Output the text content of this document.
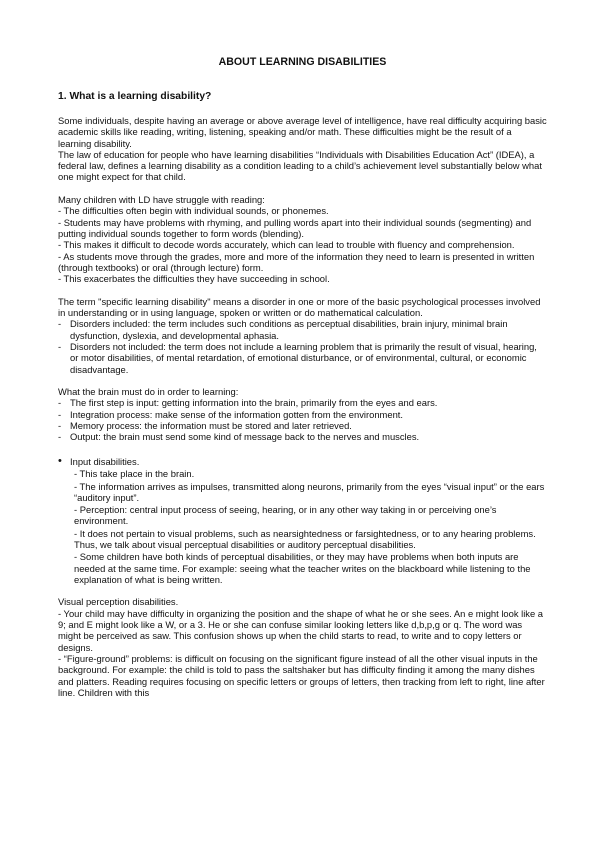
ABOUT LEARNING DISABILITIES
1. What is a learning disability?

Some individuals, despite having an average or above average level of intelligence, have real difficulty acquiring basic academic skills like reading, writing, listening, speaking and/or math. These difficulties might be the result of a learning disability.

The law of education for people who have learning disabilities “Individuals with Disabilities Education Act” (IDEA), a federal law, defines a learning disability as a condition leading to a child’s achievement level substantially below what one might expect for that child.

Many children with LD have struggle with reading:

- The difficulties often begin with individual sounds, or phonemes.

- Students may have problems with rhyming, and pulling words apart into their individual sounds (segmenting) and putting individual sounds together to form words (blending).

- This makes it difficult to decode words accurately, which can lead to trouble with fluency and comprehension.

- As students move through the grades, more and more of the information they need to learn is presented in written (through textbooks) or oral (through lecture) form.

- This exacerbates the difficulties they have succeeding in school.

The term "specific learning disability" means a disorder in one or more of the basic psychological processes involved in understanding or in using language, spoken or written or do mathematical calculation.

- Disorders included: the term includes such conditions as perceptual disabilities, brain injury, minimal brain dysfunction, dyslexia, and developmental aphasia.
- Disorders not included: the term does not include a learning problem that is primarily the result of visual, hearing, or motor disabilities, of mental retardation, of emotional disturbance, or of environmental, cultural, or economic disadvantage.

What the brain must do in order to learning:

- The first step is input: getting information into the brain, primarily from the eyes and ears.
- Integration process: make sense of the information gotten from the environment.
- Memory process: the information must be stored and later retrieved.
- Output: the brain must send some kind of message back to the nerves and muscles.
• Input disabilities.
- This take place in the brain.
- The information arrives as impulses, transmitted along neurons, primarily from the eyes “visual input” or the ears “auditory input”.
- Perception: central input process of seeing, hearing, or in any other way taking in or perceiving one’s environment.
- It does not pertain to visual problems, such as nearsightedness or farsightedness, or to any hearing problems. Thus, we talk about visual perceptual disabilities or auditory perceptual disabilities.
- Some children have both kinds of perceptual disabilities, or they may have problems when both inputs are needed at the same time. For example: seeing what the teacher writes on the blackboard while listening to the explanation of what is being written.

Visual perception disabilities.

- Your child may have difficulty in organizing the position and the shape of what he or she sees. An e might look like a 9; and E might look like a W, or a 3. He or she can confuse similar looking letters like d,b,p,g or q. The word was might be perceived as saw. This confusion shows up when the child starts to read, to write and to copy letters or designs.

- “Figure-ground” problems: is difficult on focusing on the significant figure instead of all the other visual inputs in the background. For example: the child is told to pass the saltshaker but has difficulty finding it among the many dishes and platters. Reading requires focusing on specific letters or groups of letters, then tracking from left to right, line after line. Children with this
